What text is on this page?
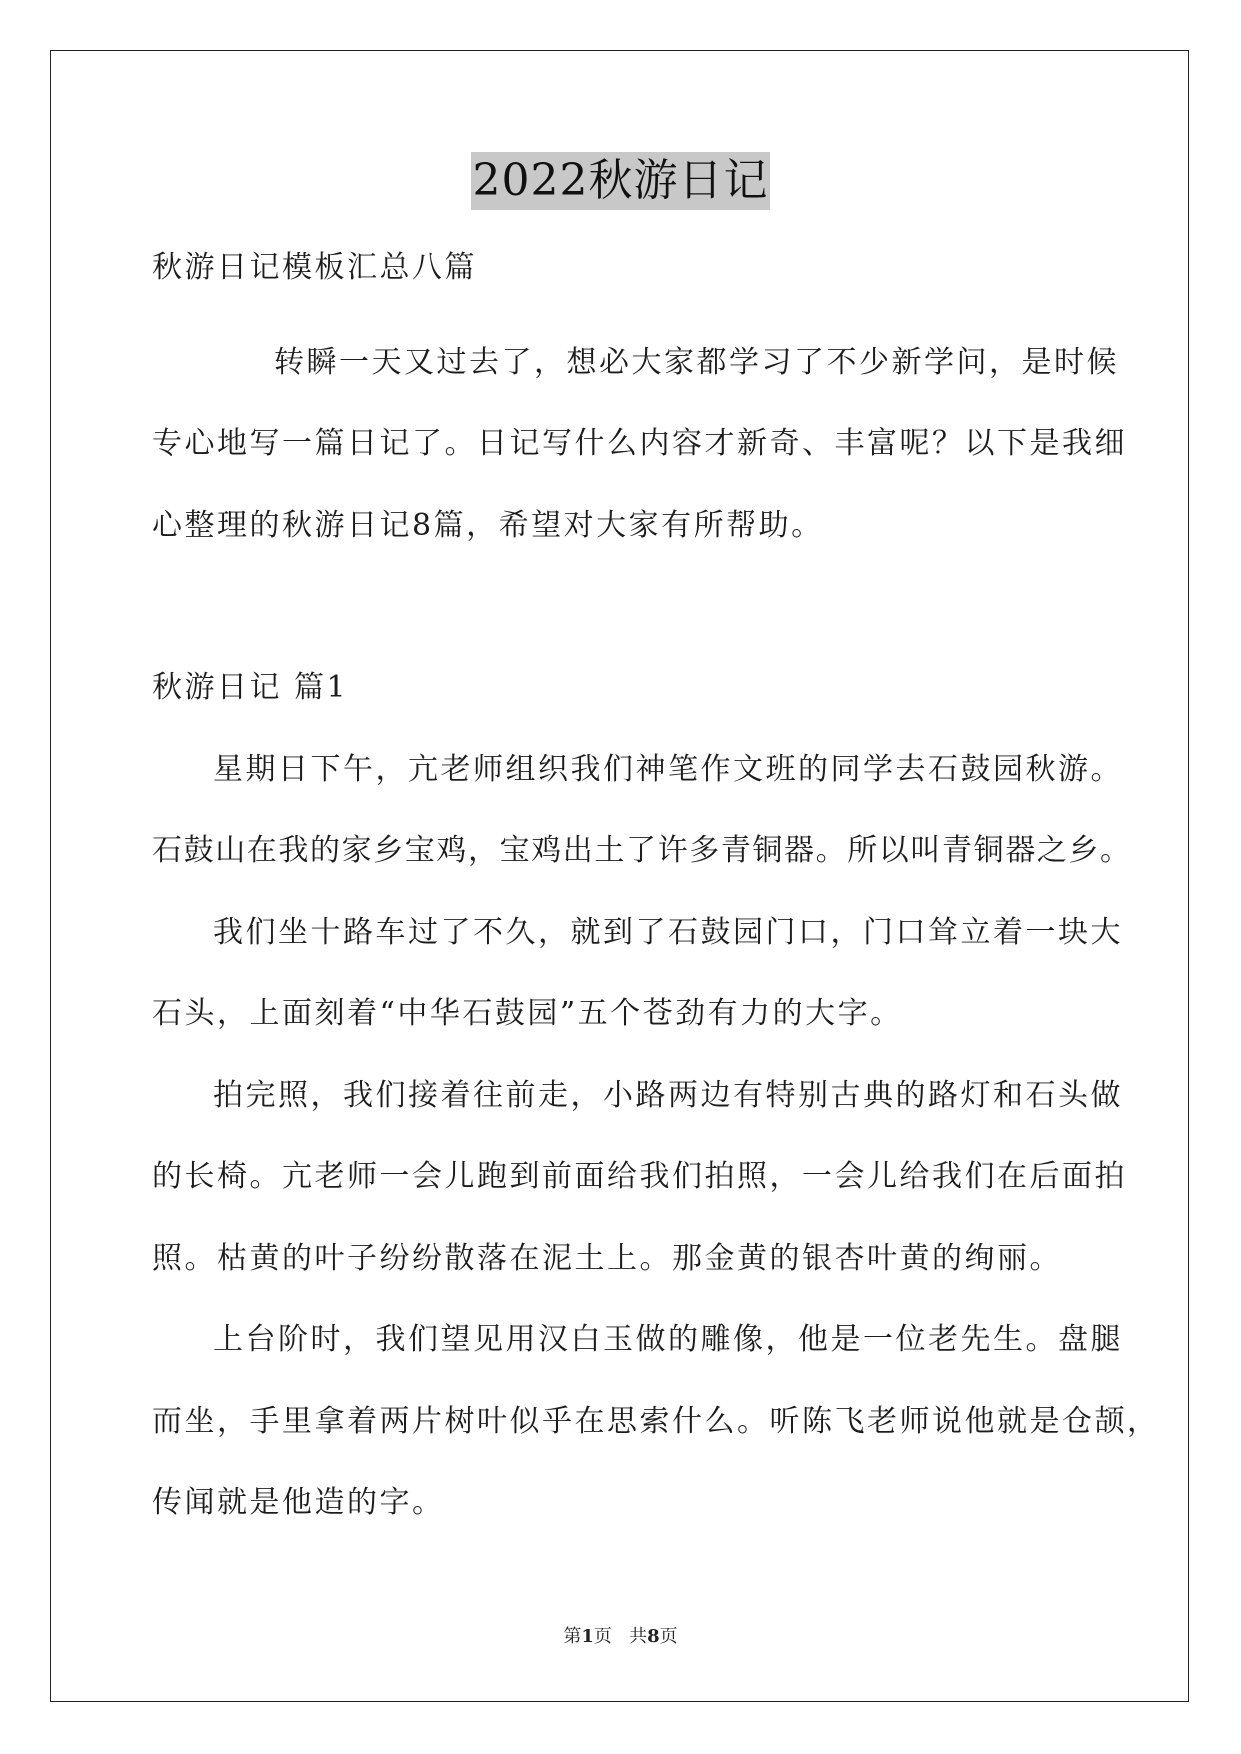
2022秋游日记
秋游日记模板汇总八篇
转瞬一天又过去了，想必大家都学习了不少新学问，是时候
专心地写一篇日记了。日记写什么内容才新奇、丰富呢？以下是我细
心整理的秋游日记8篇，希望对大家有所帮助。
秋游日记 篇1
星期日下午，亢老师组织我们神笔作文班的同学去石鼓园秋游。
石鼓山在我的家乡宝鸡，宝鸡出土了许多青铜器。所以叫青铜器之乡。
我们坐十路车过了不久，就到了石鼓园门口，门口耸立着一块大
石头，上面刻着“中华石鼓园”五个苍劲有力的大字。
拍完照，我们接着往前走，小路两边有特别古典的路灯和石头做
的长椅。亢老师一会儿跑到前面给我们拍照，一会儿给我们在后面拍
照。枯黄的叶子纷纷散落在泥土上。那金黄的银杏叶黄的绚丽。
上台阶时，我们望见用汉白玉做的雕像，他是一位老先生。盘腿
而坐，手里拿着两片树叶似乎在思索什么。听陈飞老师说他就是仓颉，
传闻就是他造的字。
第1页 共8页
